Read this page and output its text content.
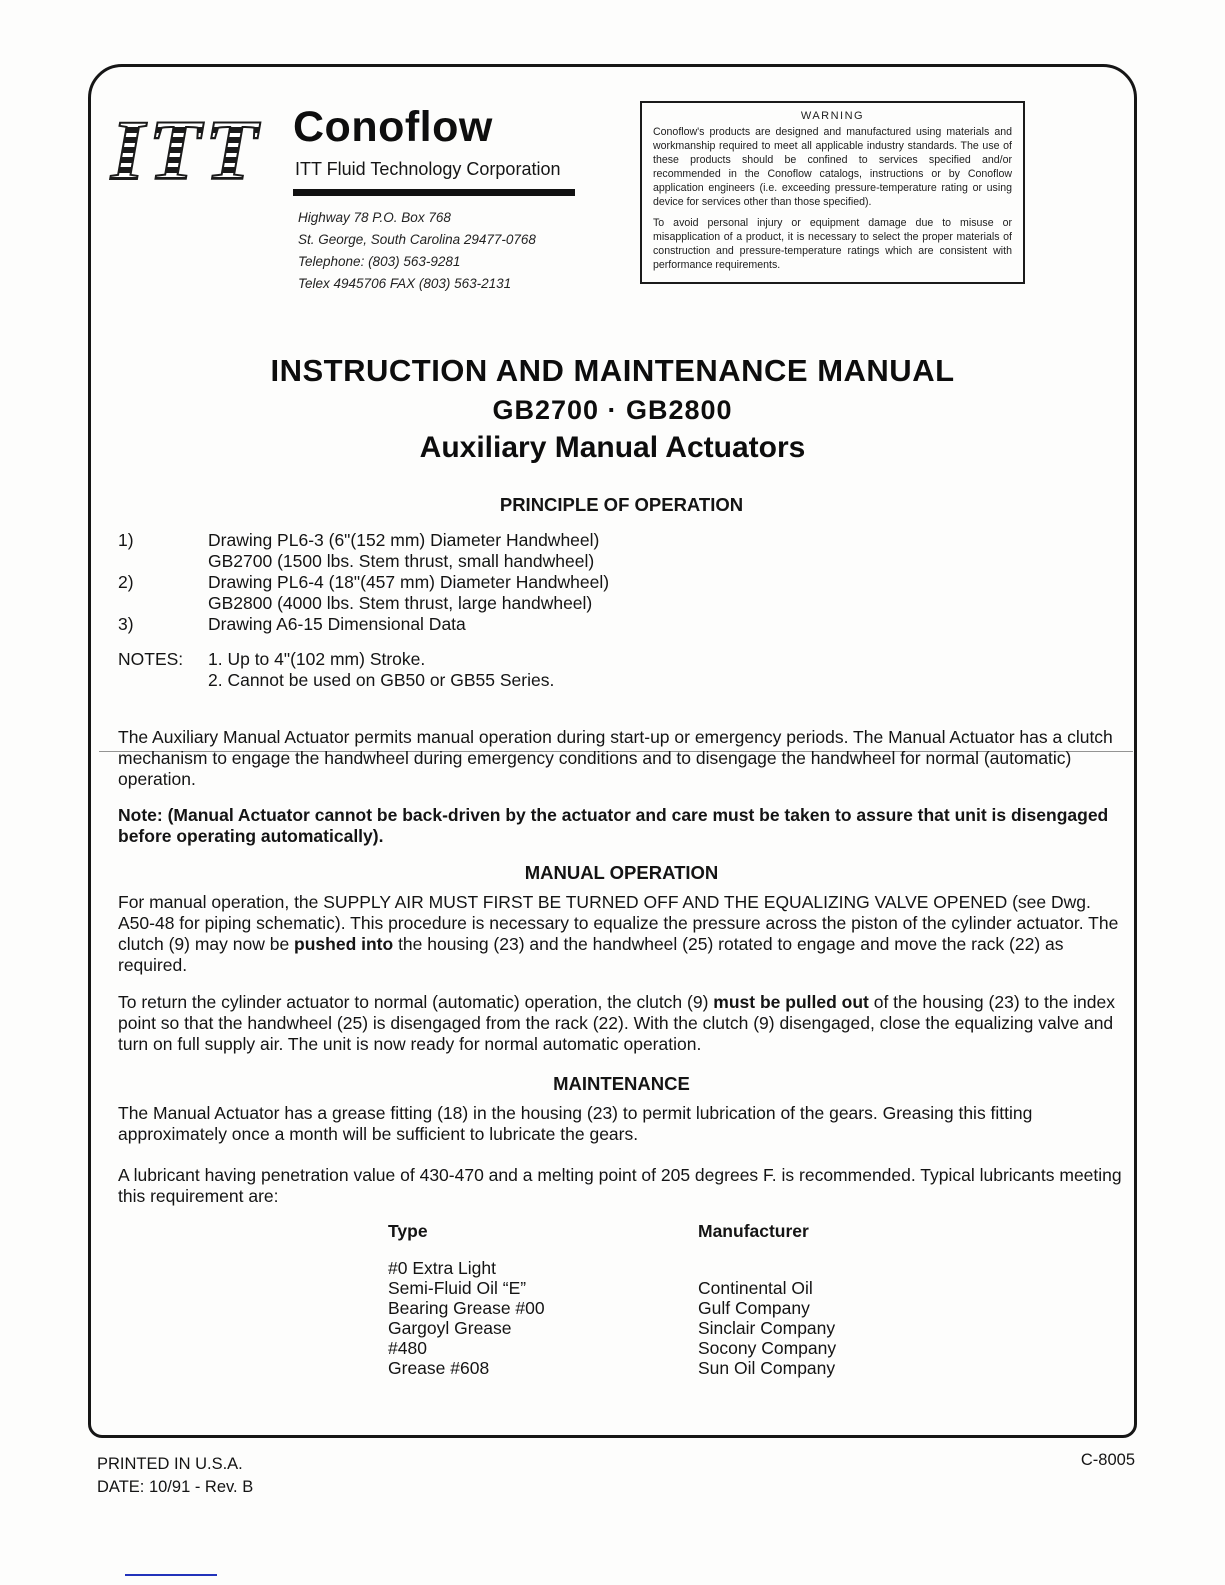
ITT Conoflow
ITT Fluid Technology Corporation
Highway 78 P.O. Box 768
St. George, South Carolina 29477-0768
Telephone: (803) 563-9281
Telex 4945706 FAX (803) 563-2131
WARNING

Conoflow's products are designed and manufactured using materials and workmanship required to meet all applicable industry standards. The use of these products should be confined to services specified and/or recommended in the Conoflow catalogs, instructions or by Conoflow application engineers (i.e. exceeding pressure-temperature rating or using device for services other than those specified).

To avoid personal injury or equipment damage due to misuse or misapplication of a product, it is necessary to select the proper materials of construction and pressure-temperature ratings which are consistent with performance requirements.

INSTRUCTION AND MAINTENANCE MANUAL
GB2700 · GB2800
Auxiliary Manual Actuators
PRINCIPLE OF OPERATION
1)	Drawing PL6-3 (6"(152 mm) Diameter Handwheel)
GB2700 (1500 lbs. Stem thrust, small handwheel)
2)	Drawing PL6-4 (18"(457 mm) Diameter Handwheel)
GB2800 (4000 lbs. Stem thrust, large handwheel)
3)	Drawing A6-15 Dimensional Data
NOTES:	1. Up to 4"(102 mm) Stroke.
2. Cannot be used on GB50 or GB55 Series.

The Auxiliary Manual Actuator permits manual operation during start-up or emergency periods. The Manual Actuator has a clutch mechanism to engage the handwheel during emergency conditions and to disengage the handwheel for normal (automatic) operation.

Note: (Manual Actuator cannot be back-driven by the actuator and care must be taken to assure that unit is disengaged before operating automatically).

MANUAL OPERATION

For manual operation, the SUPPLY AIR MUST FIRST BE TURNED OFF AND THE EQUALIZING VALVE OPENED (see Dwg. A50-48 for piping schematic). This procedure is necessary to equalize the pressure across the piston of the cylinder actuator. The clutch (9) may now be pushed into the housing (23) and the handwheel (25) rotated to engage and move the rack (22) as required.

To return the cylinder actuator to normal (automatic) operation, the clutch (9) must be pulled out of the housing (23) to the index point so that the handwheel (25) is disengaged from the rack (22). With the clutch (9) disengaged, close the equalizing valve and turn on full supply air. The unit is now ready for normal automatic operation.

MAINTENANCE

The Manual Actuator has a grease fitting (18) in the housing (23) to permit lubrication of the gears. Greasing this fitting approximately once a month will be sufficient to lubricate the gears.

A lubricant having penetration value of 430-470 and a melting point of 205 degrees F. is recommended. Typical lubricants meeting this requirement are:

Type	Manufacturer
#0 Extra Light
Semi-Fluid Oil “E”	Continental Oil
Bearing Grease #00	Gulf Company
Gargoyl Grease	Sinclair Company
#480	Socony Company
Grease #608	Sun Oil Company
PRINTED IN U.S.A.
DATE: 10/91 - Rev. B
C-8005
